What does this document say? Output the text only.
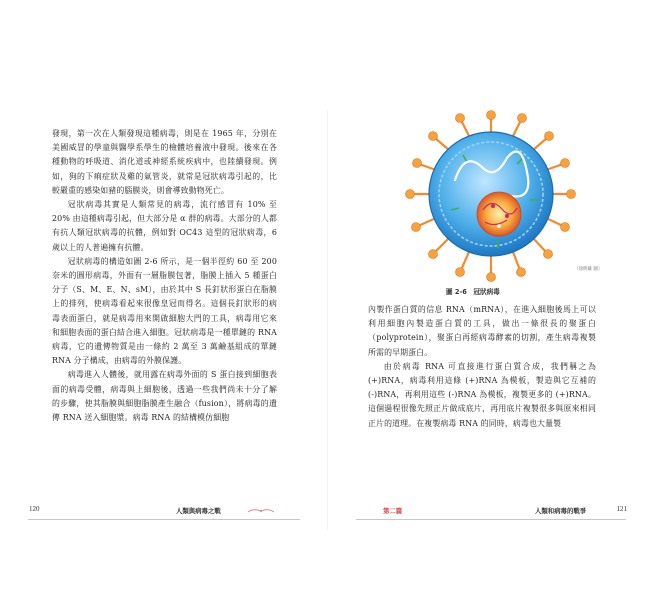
發現，第一次在人類發現這種病毒，則是在 1965 年，分別在美國威冒的學童與醫學系學生的檢體培養液中發現。後來在各種動物的呼吸道、消化道或神經系統疾病中，也陸續發現。例如，狗的下痢症狀及雞的氣管炎，就常是冠狀病毒引起的，比較嚴重的感染如豬的腦膜炎，則會導致動物死亡。

冠狀病毒其實是人類常見的病毒，流行感冒有 10% 至 20% 由這種病毒引起，但大部分是 α 群的病毒。大部分的人都有抗人類冠狀病毒的抗體，例如對 OC43 這型的冠狀病毒，6 歲以上的人普遍擁有抗體。

冠狀病毒的構造如圖 2-6 所示，是一個半徑約 60 至 200 奈米的圓形病毒，外面有一層脂膜包著，脂膜上插入 5 種蛋白分子（S、M、E、N、sM），由於其中 S 長釘狀形蛋白在脂膜上的排列，使病毒看起來很像皇冠而得名。這個長釘狀形的病毒表面蛋白，就是病毒用來開啟細胞大門的工具，病毒用它來和細胞表面的蛋白結合進入細胞。冠狀病毒是一種單鏈的 RNA 病毒，它的遺傳物質是由一條約 2 萬至 3 萬鹼基組成的單鏈 RNA 分子構成，由病毒的外膜保護。

病毒進入人體後，就用露在病毒外面的 S 蛋白接到細胞表面的病毒受體，病毒與上細胞後，透過一些我們尚未十分了解的步驟，使其脂膜與細胞脂膜產生融合（fusion），將病毒的遺傳 RNA 送入細胞漿。病毒 RNA 的結構模仿細胞

120	人類與病毒之戰
（徐明雄 圖）
圖 2-6　冠狀病毒

內製作蛋白質的信息 RNA（mRNA），在進入細胞後馬上可以利用細胞內製造蛋白質的工具，做出一條很長的聚蛋白（polyprotein），聚蛋白再經病毒酵素的切割，產生病毒複製所需的早期蛋白。

由於病毒 RNA 可直接進行蛋白質合成，我們稱之為 (+)RNA，病毒利用這條 (+)RNA 為模板，製造與它互補的 (-)RNA，再利用這些 (-)RNA 為模板，複製更多的 (+)RNA。這個過程很像先照正片做成底片，再用底片複製很多與原來相同正片的道理。在複製病毒 RNA 的同時，病毒也大量製

第二篇	人類和病毒的戰爭	121
